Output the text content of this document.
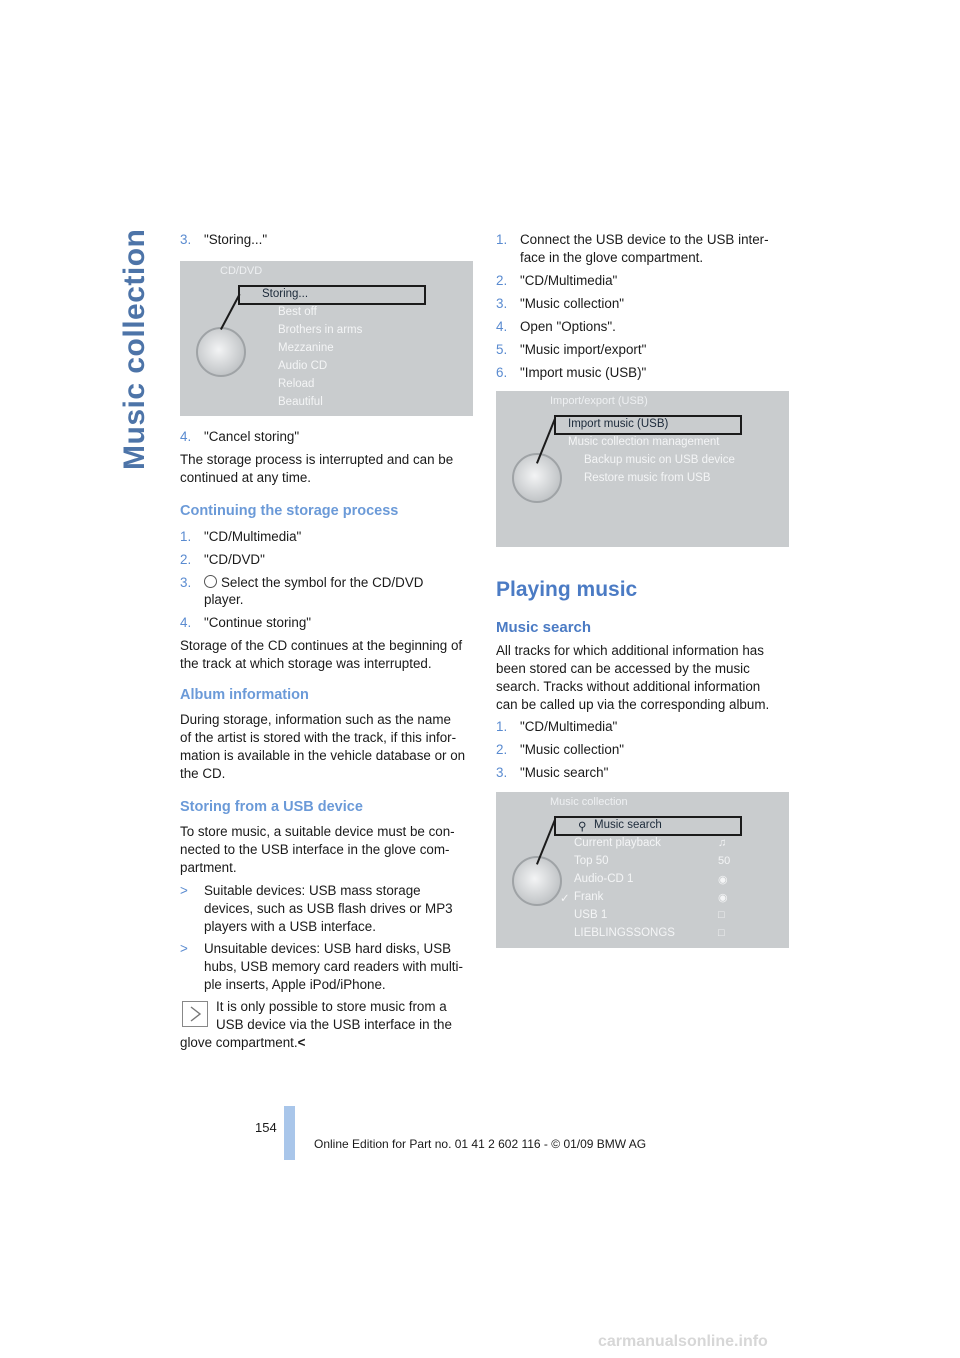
Music collection 3. "Storing..."
CD/DVD
Storing...
Best off
Brothers in arms
Mezzanine
Audio CD
Reload
Beautiful
4. "Cancel storing"
The storage process is interrupted and can be continued at any time.
Continuing the storage process
1. "CD/Multimedia"
2. "CD/DVD"
3. Select the symbol for the CD/DVD
player.
4. "Continue storing"
Storage of the CD continues at the beginning of
the track at which storage was interrupted.
Album information
During storage, information such as the name
of the artist is stored with the track, if this infor-
mation is available in the vehicle database or on
the CD.
Storing from a USB device
To store music, a suitable device must be con-
nected to the USB interface in the glove com-
partment.
> Suitable devices: USB mass storage
devices, such as USB flash drives or MP3
players with a USB interface.
> Unsuitable devices: USB hard disks, USB
hubs, USB memory card readers with multi-
ple inserts, Apple iPod/iPhone.
It is only possible to store music from a
USB device via the USB interface in the
glove compartment.<
1. Connect the USB device to the USB inter-
face in the glove compartment.
2. "CD/Multimedia"
3. "Music collection"
4. Open "Options".
5. "Music import/export"
6. "Import music (USB)"
Import/export (USB)
Import music (USB)
Music collection management
Backup music on USB device
Restore music from USB
Playing music
Music search
All tracks for which additional information has
been stored can be accessed by the music
search. Tracks without additional information
can be called up via the corresponding album.
1. "CD/Multimedia"
2. "Music collection"
3. "Music search"
Music collection
⚲ Music search
Current playback
Top 50
Audio-CD 1
✓ Frank
USB 1
LIEBLINGSSONGS
♫
50
◉
◉
□
□
154
Online Edition for Part no. 01 41 2 602 116 - © 01/09 BMW AG
carmanualsonline.info
